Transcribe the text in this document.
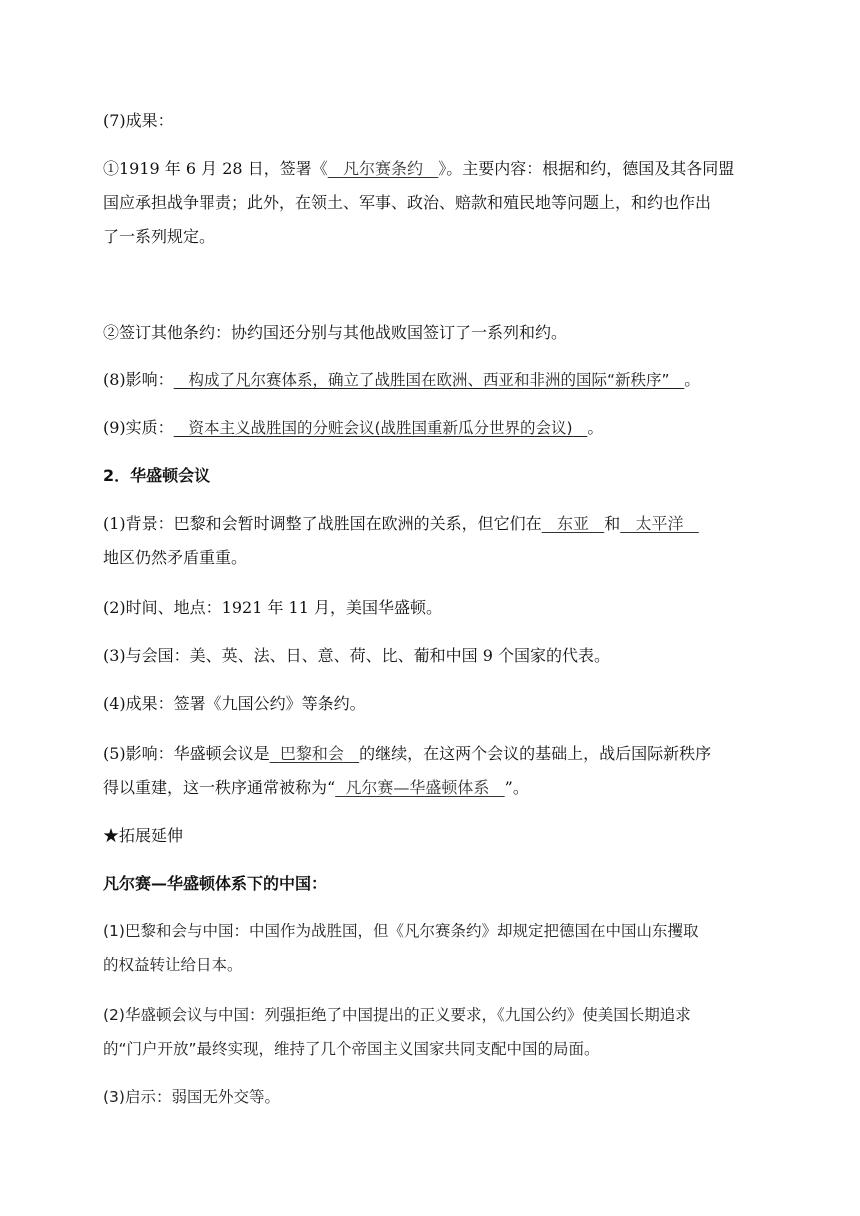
(7)成果：
①1919 年 6 月 28 日，签署《 凡尔赛条约 》。主要内容：根据和约，德国及其各同盟
国应承担战争罪责；此外，在领土、军事、政治、赔款和殖民地等问题上，和约也作出
了一系列规定。
②签订其他条约：协约国还分别与其他战败国签订了一系列和约。
(8)影响： 构成了凡尔赛体系，确立了战胜国在欧洲、西亚和非洲的国际“新秩序” 。
(9)实质： 资本主义战胜国的分赃会议(战胜国重新瓜分世界的会议) 。
2．华盛顿会议
(1)背景：巴黎和会暂时调整了战胜国在欧洲的关系，但它们在 东亚 和 太平洋
地区仍然矛盾重重。
(2)时间、地点：1921 年 11 月，美国华盛顿。
(3)与会国：美、英、法、日、意、荷、比、葡和中国 9 个国家的代表。
(4)成果：签署《九国公约》等条约。
(5)影响：华盛顿会议是 巴黎和会 的继续，在这两个会议的基础上，战后国际新秩序
得以重建，这一秩序通常被称为“ 凡尔赛—华盛顿体系 ”。
★拓展延伸
凡尔赛—华盛顿体系下的中国：
(1)巴黎和会与中国：中国作为战胜国，但《凡尔赛条约》却规定把德国在中国山东攫取
的权益转让给日本。
(2)华盛顿会议与中国：列强拒绝了中国提出的正义要求，《九国公约》使美国长期追求
的“门户开放”最终实现，维持了几个帝国主义国家共同支配中国的局面。
(3)启示：弱国无外交等。
